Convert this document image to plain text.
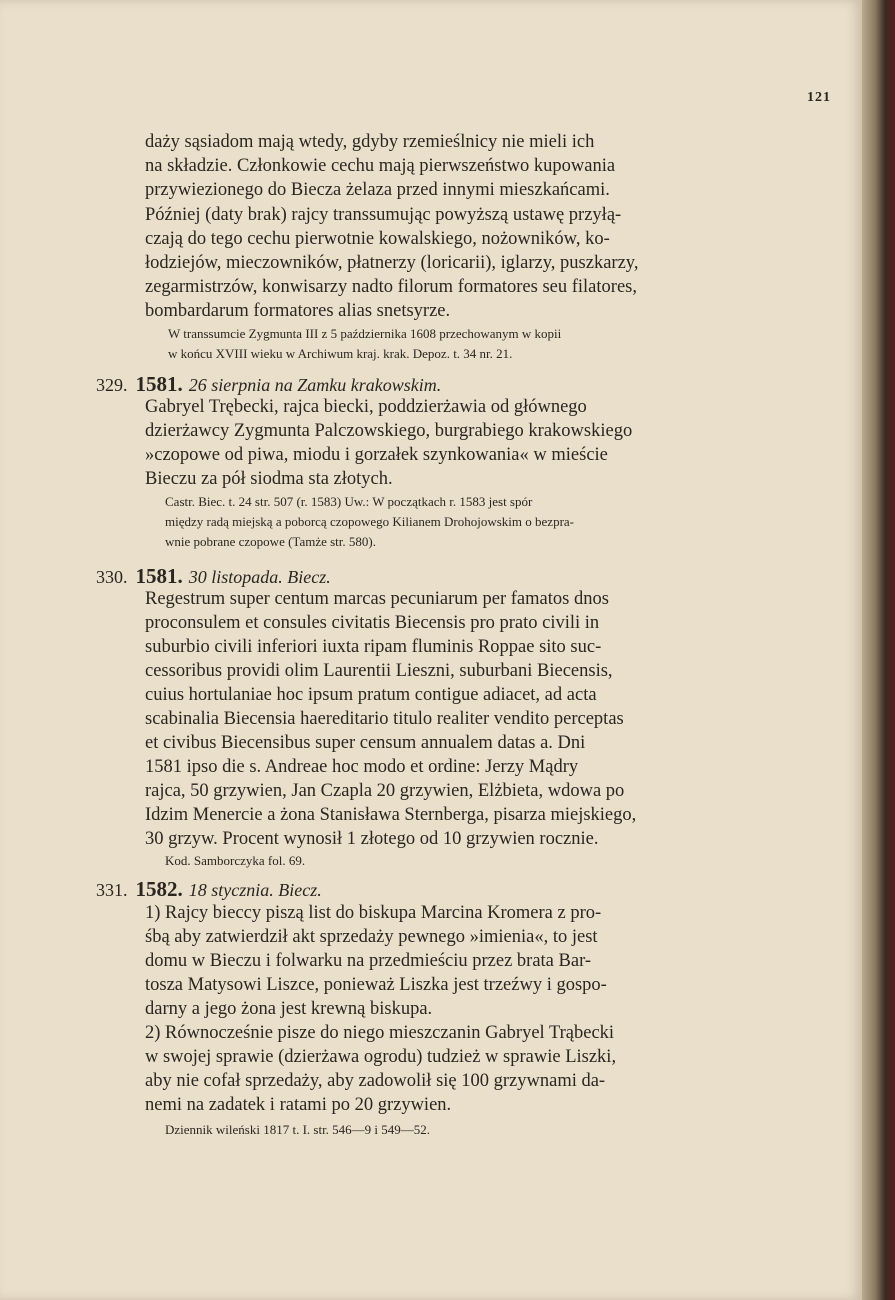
121
daży sąsiadom mają wtedy, gdyby rzemieślnicy nie mieli ich
na składzie. Członkowie cechu mają pierwszeństwo kupowania
przywiezionego do Biecza żelaza przed innymi mieszkańcami.
Później (daty brak) rajcy transsumując powyższą ustawę przyłą-
czają do tego cechu pierwotnie kowalskiego, nożowników, ko-
łodziejów, mieczowników, płatnerzy (loricarii), iglarzy, puszkarzy,
zegarmistrzów, konwisarzy nadto filorum formatores seu filatores,
bombardarum formatores alias snetsyrze.
W transsumcie Zygmunta III z 5 października 1608 przechowanym w kopii
w końcu XVIII wieku w Archiwum kraj. krak. Depoz. t. 34 nr. 21.
329. 1581. 26 sierpnia na Zamku krakowskim.
Gabryel Trębecki, rajca biecki, poddzierżawia od głównego
dzierżawcy Zygmunta Palczowskiego, burgrabiego krakowskiego
»czopowe od piwa, miodu i gorzałek szynkowania« w mieście
Bieczu za pół siodma sta złotych.
Castr. Biec. t. 24 str. 507 (r. 1583) Uw.: W początkach r. 1583 jest spór
między radą miejską a poborcą czopowego Kilianem Drohojowskim o bezpra-
wnie pobrane czopowe (Tamże str. 580).
330. 1581. 30 listopada. Biecz.
Regestrum super centum marcas pecuniarum per famatos dnos
proconsulem et consules civitatis Biecensis pro prato civili in
suburbio civili inferiori iuxta ripam fluminis Roppae sito suc-
cessoribus providi olim Laurentii Lieszni, suburbani Biecensis,
cuius hortulaniae hoc ipsum pratum contigue adiacet, ad acta
scabinalia Biecensia haereditario titulo realiter vendito perceptas
et civibus Biecensibus super censum annualem datas a. Dni
1581 ipso die s. Andreae hoc modo et ordine: Jerzy Mądry
rajca, 50 grzywien, Jan Czapla 20 grzywien, Elżbieta, wdowa po
Idzim Menercie a żona Stanisława Sternberga, pisarza miejskiego,
30 grzyw. Procent wynosił 1 złotego od 10 grzywien rocznie.
Kod. Samborczyka fol. 69.
331. 1582. 18 stycznia. Biecz.
1) Rajcy bieccy piszą list do biskupa Marcina Kromera z pro-
śbą aby zatwierdził akt sprzedaży pewnego »imienia«, to jest
domu w Bieczu i folwarku na przedmieściu przez brata Bar-
tosza Matysowi Liszce, ponieważ Liszka jest trzeźwy i gospo-
darny a jego żona jest krewną biskupa.
2) Równocześnie pisze do niego mieszczanin Gabryel Trąbecki
w swojej sprawie (dzierżawa ogrodu) tudzież w sprawie Liszki,
aby nie cofał sprzedaży, aby zadowolił się 100 grzywnami da-
nemi na zadatek i ratami po 20 grzywien.
Dziennik wileński 1817 t. I. str. 546—9 i 549—52.
